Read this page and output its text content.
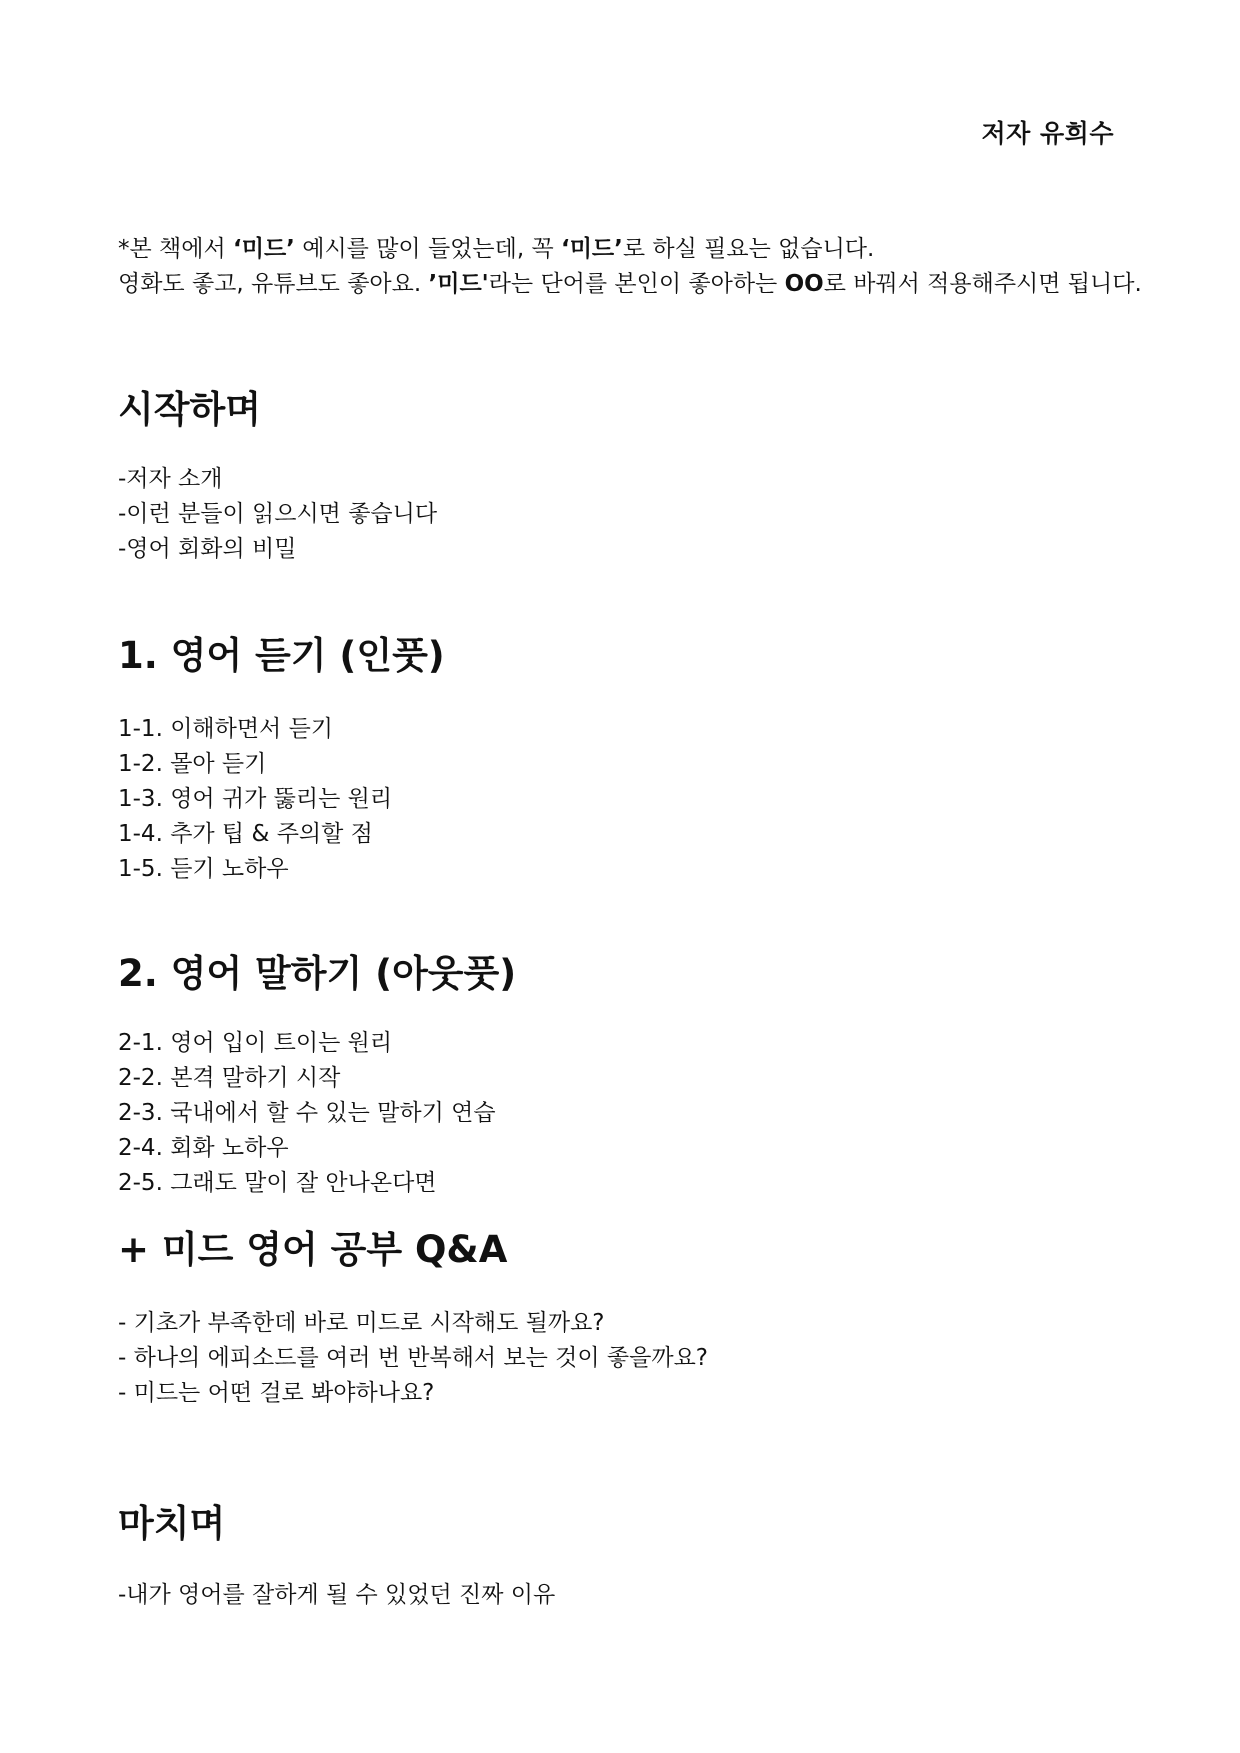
저자 유희수
*본 책에서 ‘미드’ 예시를 많이 들었는데, 꼭 ‘미드’로 하실 필요는 없습니다.
영화도 좋고, 유튜브도 좋아요. ’미드'라는 단어를 본인이 좋아하는 OO로 바꿔서 적용해주시면 됩니다.
시작하며
-저자 소개
-이런 분들이 읽으시면 좋습니다
-영어 회화의 비밀
1. 영어 듣기 (인풋)
1-1. 이해하면서 듣기
1-2. 몰아 듣기
1-3. 영어 귀가 뚫리는 원리
1-4. 추가 팁 & 주의할 점
1-5. 듣기 노하우
2. 영어 말하기 (아웃풋)
2-1. 영어 입이 트이는 원리
2-2. 본격 말하기 시작
2-3. 국내에서 할 수 있는 말하기 연습
2-4. 회화 노하우
2-5. 그래도 말이 잘 안나온다면
+ 미드 영어 공부 Q&A
- 기초가 부족한데 바로 미드로 시작해도 될까요?
- 하나의 에피소드를 여러 번 반복해서 보는 것이 좋을까요?
- 미드는 어떤 걸로 봐야하나요?
마치며
-내가 영어를 잘하게 될 수 있었던 진짜 이유
